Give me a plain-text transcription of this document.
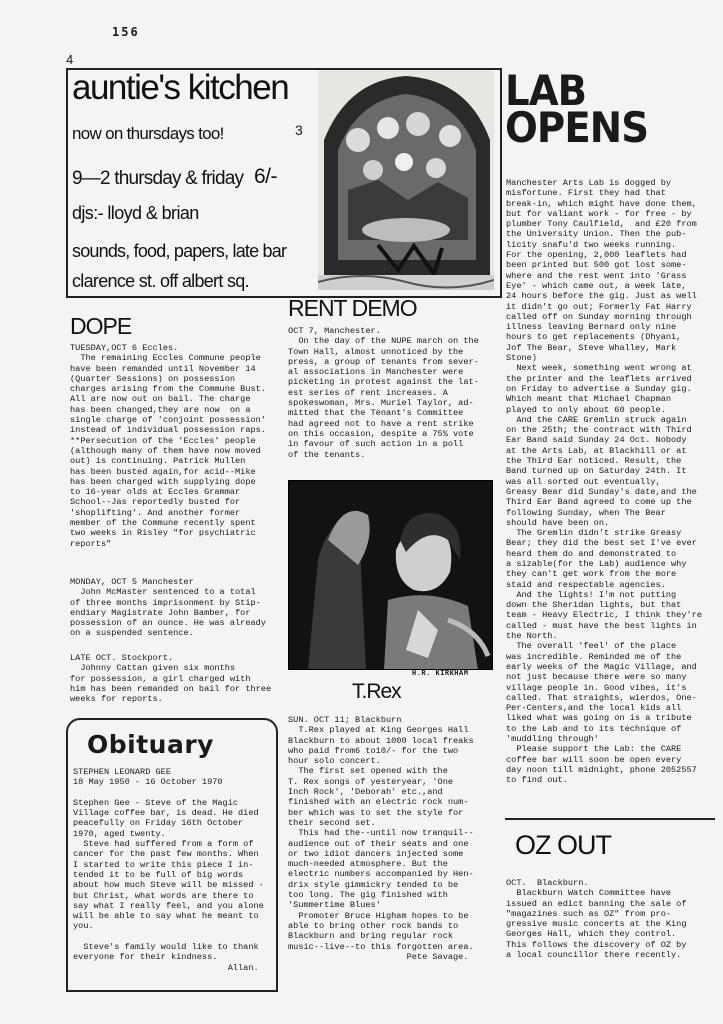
156
4
auntie's kitchen
now on thursdays too!	3
9—2 thursday & friday 6/-
djs:- lloyd & brian
sounds, food, papers, late bar
clarence st. off albert sq.
LAB
OPENS
Manchester Arts Lab is dogged by
misfortune. First they had that
break-in, which might have done them,
but for valiant work - for free - by
plumber Tony Caulfield,  and £20 from
the University Union. Then the pub-
licity snafu'd two weeks running.
For the opening, 2,000 leaflets had
been printed but 500 got lost some-
where and the rest went into 'Grass
Eye' - which came out, a week late,
24 hours before the gig. Just as well
it didn't go out; Formerly Fat Harry
called off on Sunday morning through
illness leaving Bernard only nine
hours to get replacements (Dhyani,
Jof The Bear, Steve Whalley, Mark
Stone)
Next week, something went wrong at
the printer and the leaflets arrived
on Friday to advertise a Sunday gig.
Which meant that Michael Chapman
played to only about 60 people.
And the CARE Gremlin struck again
on the 25th; the contract with Third
Ear Band said Sunday 24 Oct. Nobody
at the Arts Lab, at Blackhill or at
the Third Ear noticed. Result, the
Band turned up on Saturday 24th. It
was all sorted out eventually,
Greasy Bear did Sunday's date,and the
Third Ear Band agreed to come up the
following Sunday, when The Bear
should have been on.
The Gremlin didn't strike Greasy
Bear; they did the best set I've ever
heard them do and demonstrated to
a sizable(for the Lab) audience why
they can't get work from the more
staid and respectable agencies.
And the lights! I'm not putting
down the Sheridan lights, but that
team - Heavy Electric, I think they're
called - must have the best lights in
the North.
The overall 'feel' of the place
was incredible. Reminded me of the
early weeks of the Magic Village, and
not just because there were so many
village people in. Good vibes, it's
called. That straights, wierdos, One-
Per-Centers,and the local kids all
liked what was going on is a tribute
to the Lab and to its technique of
'muddling through'
Please support the Lab: the CARE
coffee bar will soon be open every
day noon till midnight, phone 2052557
to find out.
OZ OUT
OCT.  Blackburn.
Blackburn Watch Committee have
issued an edict banning the sale of
"magazines such as OZ" from pro-
gressive music concerts at the King
Georges Hall, which they control.
This follows the discovery of OZ by
a local councillor there recently.
RENT DEMO
OCT 7, Manchester.
On the day of the NUPE march on the
Town Hall, almost unnoticed by the
press, a group of tenants from sever-
al associations in Manchester were
picketing in protest against the lat-
est series of rent increases. A
spokeswoman, Mrs. Muriel Taylor, ad-
mitted that the Tenant's Committee
had agreed not to have a rent strike
on this occasion, despite a 75% vote
in favour of such action in a poll
of the tenants.
H.R. KIRKHAM
T.Rex
SUN. OCT 11; Blackburn
T.Rex played at King Georges Hall
Blackburn to about 1000 local freaks
who paid from6 to10/- for the two
hour solo concert.
The first set opened with the
T. Rex songs of yesteryear, 'One
Inch Rock', 'Deborah' etc.,and
finished with an electric rock num-
ber which was to set the style for
their second set.
This had the--until now tranquil--
audience out of their seats and one
or two idiot dancers injected some
much-needed atmosphere. But the
electric numbers accompanied by Hen-
drix style gimmickry tended to be
too long. The gig finished with
'Summertime Blues'
Promoter Bruce Higham hopes to be
able to bring other rock bands to
Blackburn and bring regular rock
music--live--to this forgotten area.
Pete Savage.
DOPE
TUESDAY,OCT 6 Eccles.
The remaining Eccles Commune people
have been remanded until November 14
(Quarter Sessions) on possession
charges arising from the Commune Bust.
All are now out on bail. The charge
has been changed,they are now  on a
single charge of 'conjoint possession'
instead of individual possession raps.
**Persecution of the 'Eccles' people
(although many of them have now moved
out) is continuing. Patrick Mullen
has been busted again,for acid--Mike
has been charged with supplying dope
to 16-year olds at Eccles Grammar
School--Jas reportedly busted for
'shoplifting'. And another former
member of the Commune recently spent
two weeks in Risley "for psychiatric
reports"
MONDAY, OCT 5 Manchester
John McMaster sentenced to a total
of three months imprisonment by Stip-
endiary Magistrate John Bamber, for
possession of an ounce. He was already
on a suspended sentence.
LATE OCT. Stockport.
Johnny Cattan given six months
for possession, a girl charged with
him has been remanded on bail for three
weeks for reports.
Obituary
STEPHEN LEONARD GEE
18 May 1950 - 16 October 1970

Stephen Gee - Steve of the Magic
Village coffee bar, is dead. He died
peacefully on Friday 16th October
1970, aged twenty.
Steve had suffered from a form of
cancer for the past few months. When
I started to write this piece I in-
tended it to be full of big words
about how much Steve will be missed -
but Christ, what words are there to
say what I really feel, and you alone
will be able to say what he meant to
you.

Steve's family would like to thank
everyone for their kindness.
Allan.
